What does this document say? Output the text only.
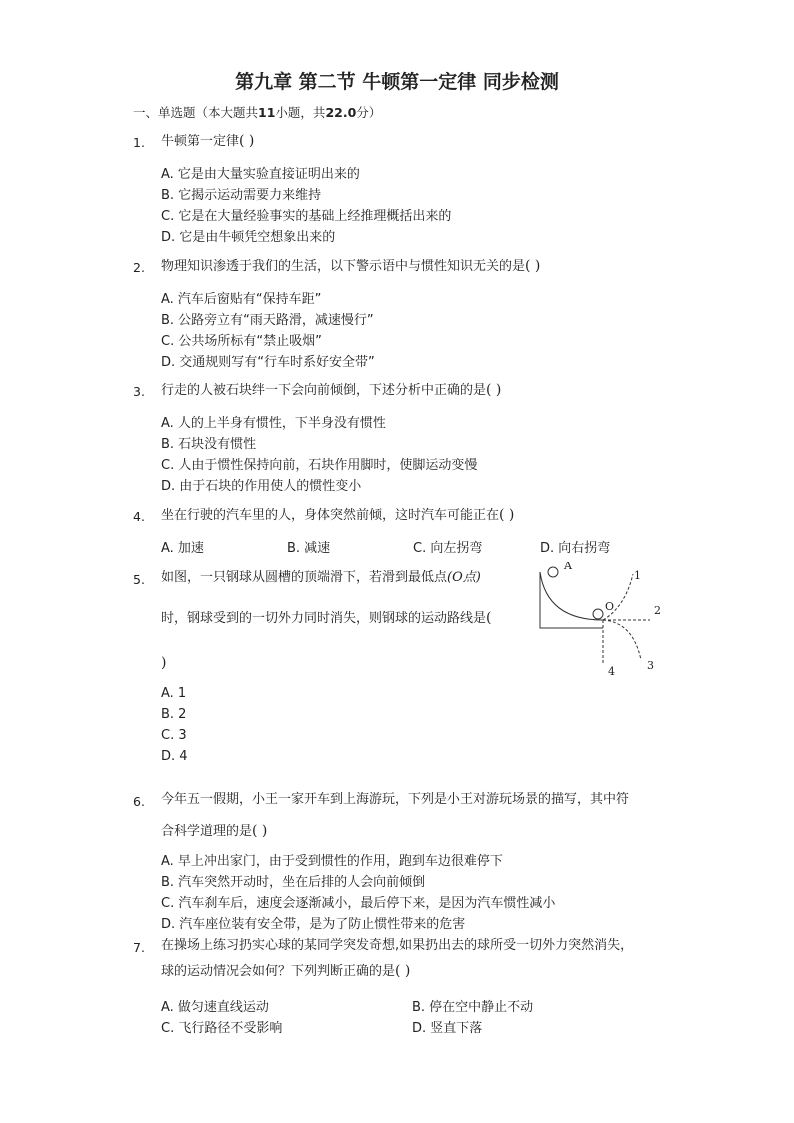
第九章 第二节 牛顿第一定律 同步检测
一、单选题（本大题共11小题，共22.0分）
1. 牛顿第一定律( )
A. 它是由大量实验直接证明出来的
B. 它揭示运动需要力来维持
C. 它是在大量经验事实的基础上经推理概括出来的
D. 它是由牛顿凭空想象出来的
2. 物理知识渗透于我们的生活，以下警示语中与惯性知识无关的是( )
A. 汽车后窗贴有“保持车距”
B. 公路旁立有“雨天路滑，减速慢行”
C. 公共场所标有“禁止吸烟”
D. 交通规则写有“行车时系好安全带”
3. 行走的人被石块绊一下会向前倾倒，下述分析中正确的是( )
A. 人的上半身有惯性，下半身没有惯性
B. 石块没有惯性
C. 人由于惯性保持向前，石块作用脚时，使脚运动变慢
D. 由于石块的作用使人的惯性变小
4. 坐在行驶的汽车里的人，身体突然前倾，这时汽车可能正在( )
A. 加速	B. 减速	C. 向左拐弯	D. 向右拐弯
5. 如图，一只钢球从圆槽的顶端滑下，若滑到最低点(O点)
时，钢球受到的一切外力同时消失，则钢球的运动路线是(
)
A. 1
B. 2
C. 3
D. 4
A
O
1
2
3
4
6. 今年五一假期，小王一家开车到上海游玩，下列是小王对游玩场景的描写，其中符
合科学道理的是( )
A. 早上冲出家门，由于受到惯性的作用，跑到车边很难停下
B. 汽车突然开动时，坐在后排的人会向前倾倒
C. 汽车刹车后，速度会逐渐减小，最后停下来，是因为汽车惯性减小
D. 汽车座位装有安全带，是为了防止惯性带来的危害
7. 在操场上练习扔实心球的某同学突发奇想,如果扔出去的球所受一切外力突然消失，
球的运动情况会如何？下列判断正确的是( )
A. 做匀速直线运动	B. 停在空中静止不动
C. 飞行路径不受影响	D. 竖直下落
